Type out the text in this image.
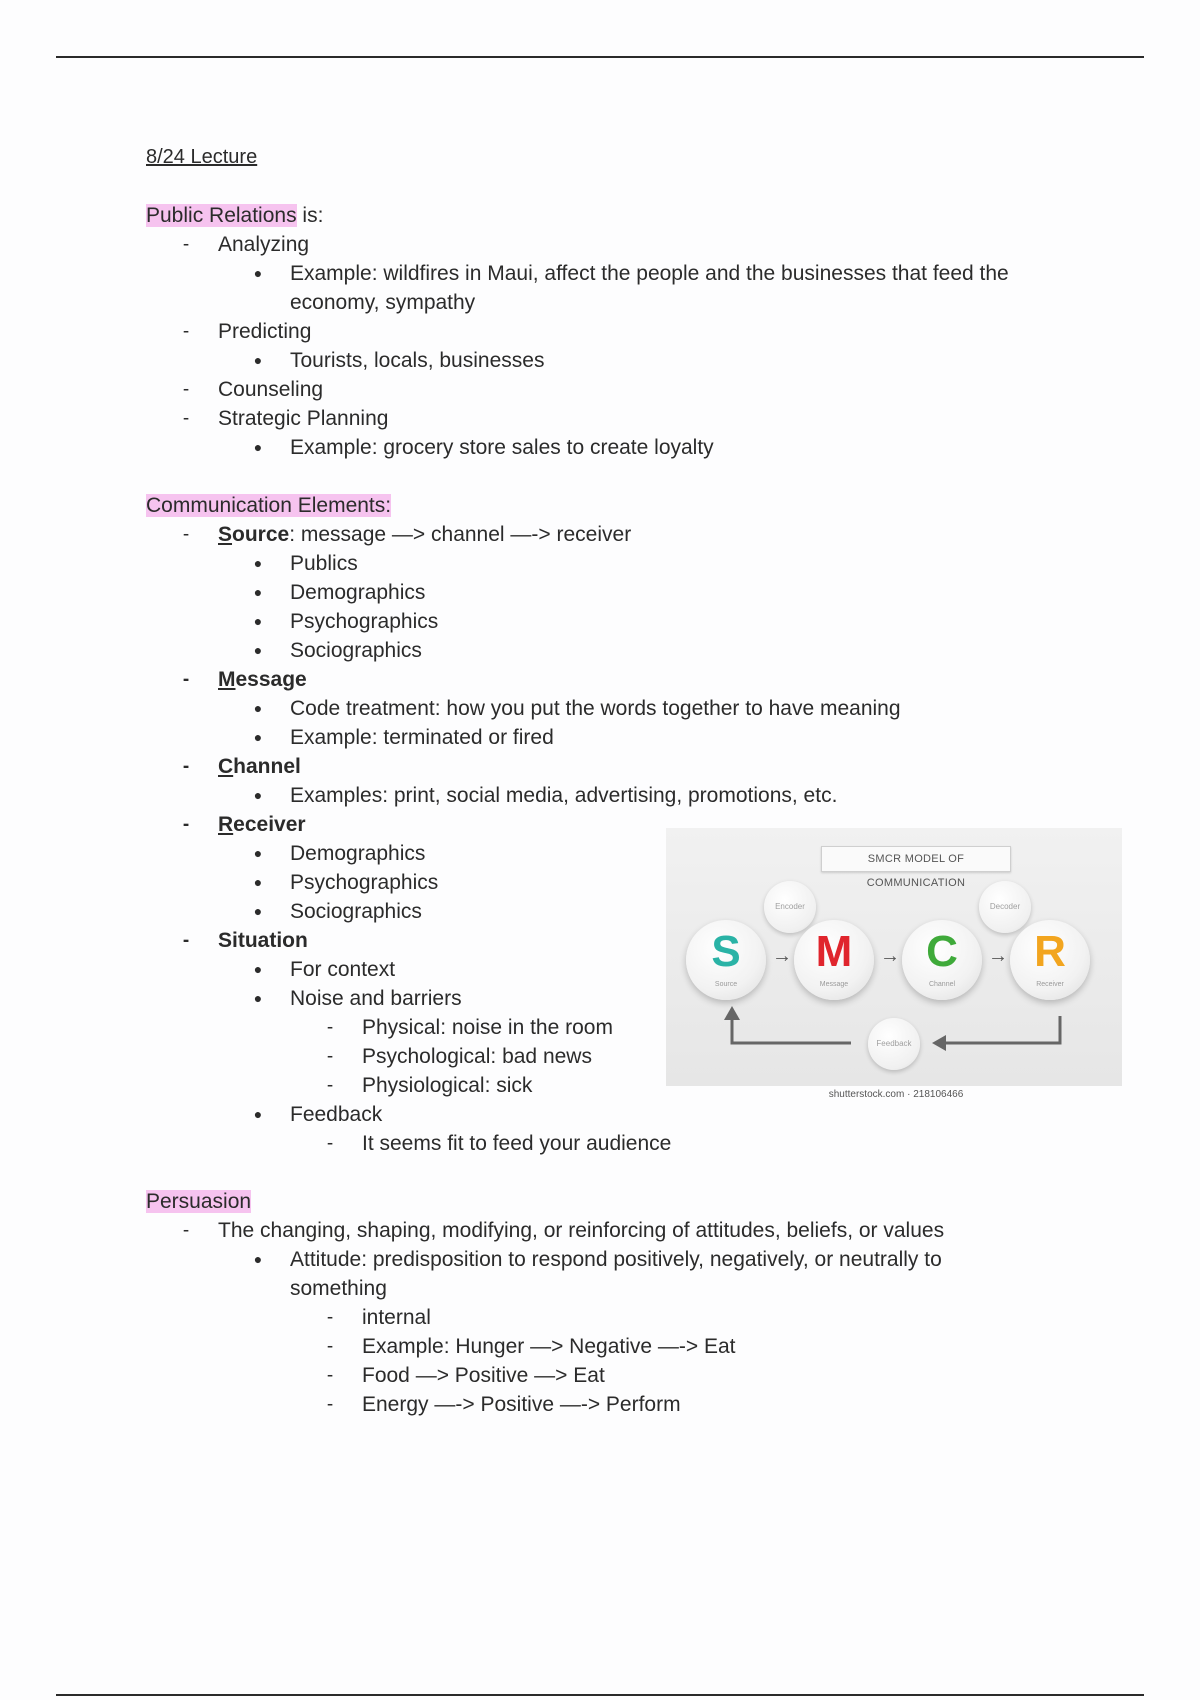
8/24 Lecture
Public Relations is:
-	Analyzing
●	Example: wildfires in Maui, affect the people and the businesses that feed the
economy, sympathy
-	Predicting
●	Tourists, locals, businesses
-	Counseling
-	Strategic Planning
●	Example: grocery store sales to create loyalty
Communication Elements:
-	Source: message —> channel —-> receiver
●	Publics
●	Demographics
●	Psychographics
●	Sociographics
-	Message
●	Code treatment: how you put the words together to have meaning
●	Example: terminated or fired
-	Channel
●	Examples: print, social media, advertising, promotions, etc.
-	Receiver
●	Demographics
●	Psychographics
●	Sociographics
-	Situation
●	For context
●	Noise and barriers
-	Physical: noise in the room
-	Psychological: bad news
-	Physiological: sick
●	Feedback
-	It seems fit to feed your audience
Persuasion
-	The changing, shaping, modifying, or reinforcing of attitudes, beliefs, or values
●	Attitude: predisposition to respond positively, negatively, or neutrally to
something
-	internal
-	Example: Hunger —> Negative —-> Eat
-	Food —> Positive —> Eat
-	Energy —-> Positive —-> Perform
SMCR MODEL OF COMMUNICATION
Encoder	Decoder
Feedback
S
Source
→ M
Message
→ C
Channel
→ R
Receiver
shutterstock.com · 218106466
